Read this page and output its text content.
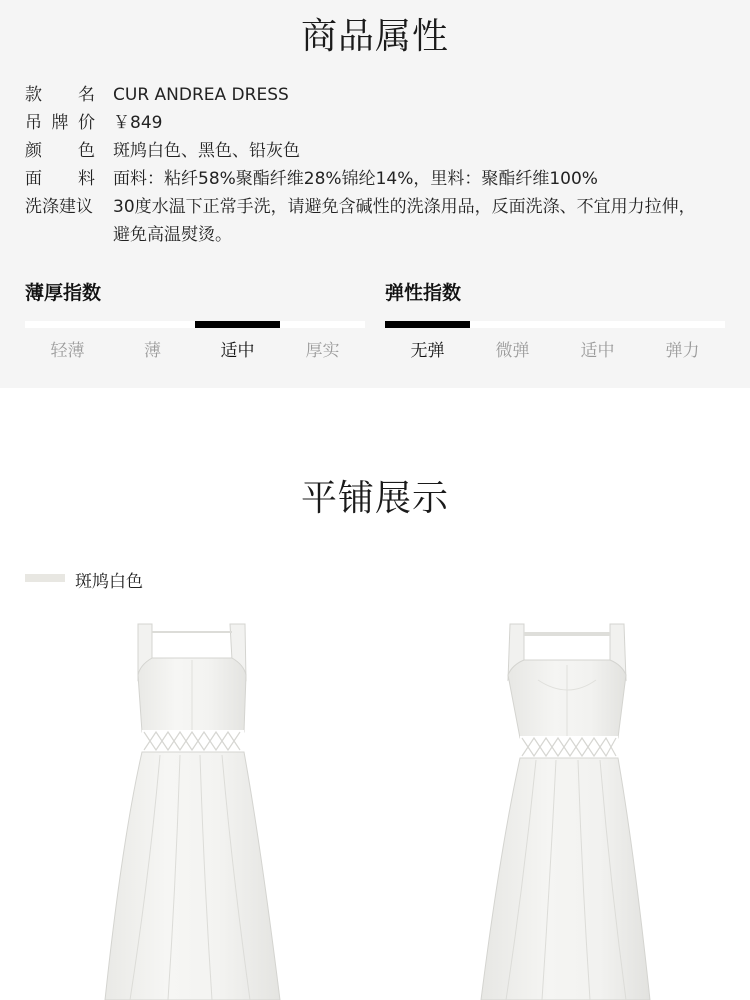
商品属性
款 名 CUR ANDREA DRESS
吊 牌 价 ￥849
颜 色 斑鸠白色、黑色、铅灰色
面 料 面料：粘纤58%聚酯纤维28%锦纶14%，里料：聚酯纤维100%
洗涤建议 30度水温下正常手洗，请避免含碱性的洗涤用品，反面洗涤、不宜用力拉伸，避免高温熨烫。
薄厚指数
轻薄	薄	适中	厚实
弹性指数
无弹	微弹	适中	弹力
平铺展示
斑鸠白色
